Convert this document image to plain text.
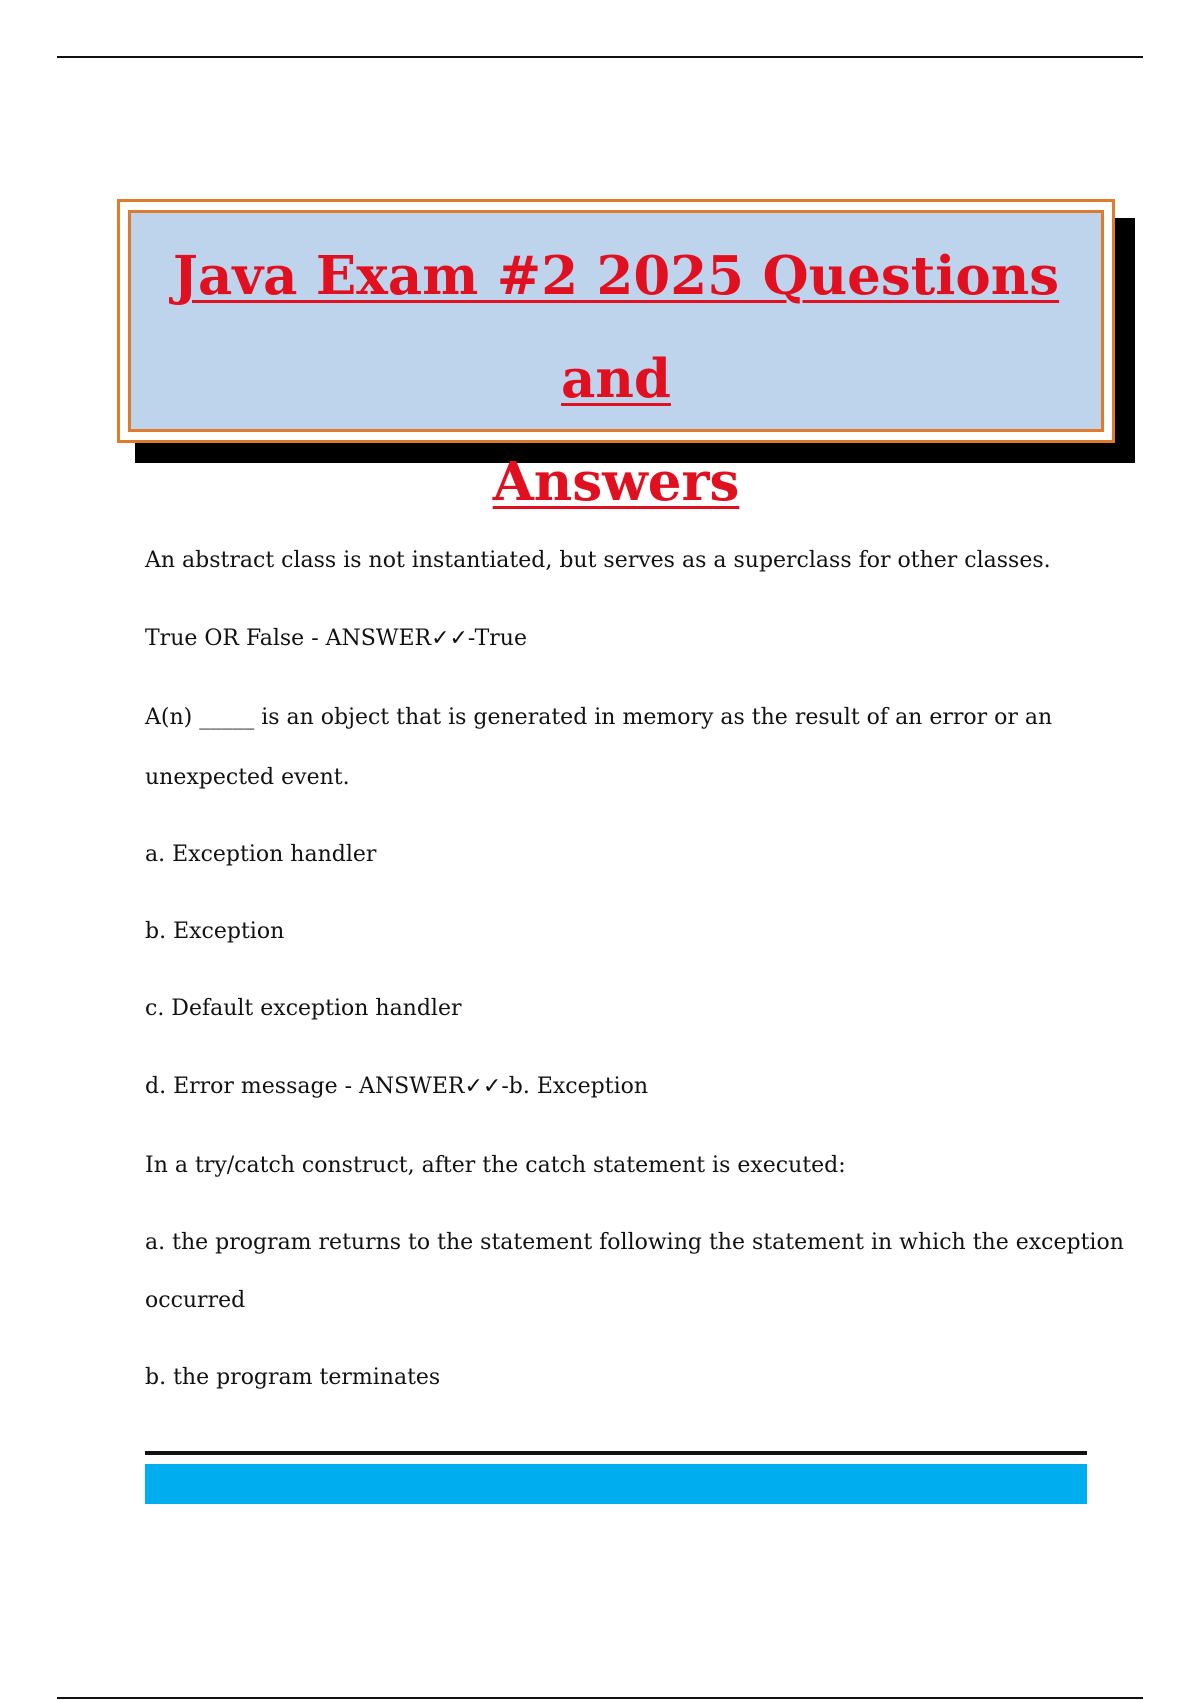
Java Exam #2 2025 Questions and
Answers
An abstract class is not instantiated, but serves as a superclass for other classes.
True OR False - ANSWER✓✓-True
A(n) _____ is an object that is generated in memory as the result of an error or an
unexpected event.
a. Exception handler
b. Exception
c. Default exception handler
d. Error message - ANSWER✓✓-b. Exception
In a try/catch construct, after the catch statement is executed:
a. the program returns to the statement following the statement in which the exception
occurred
b. the program terminates
